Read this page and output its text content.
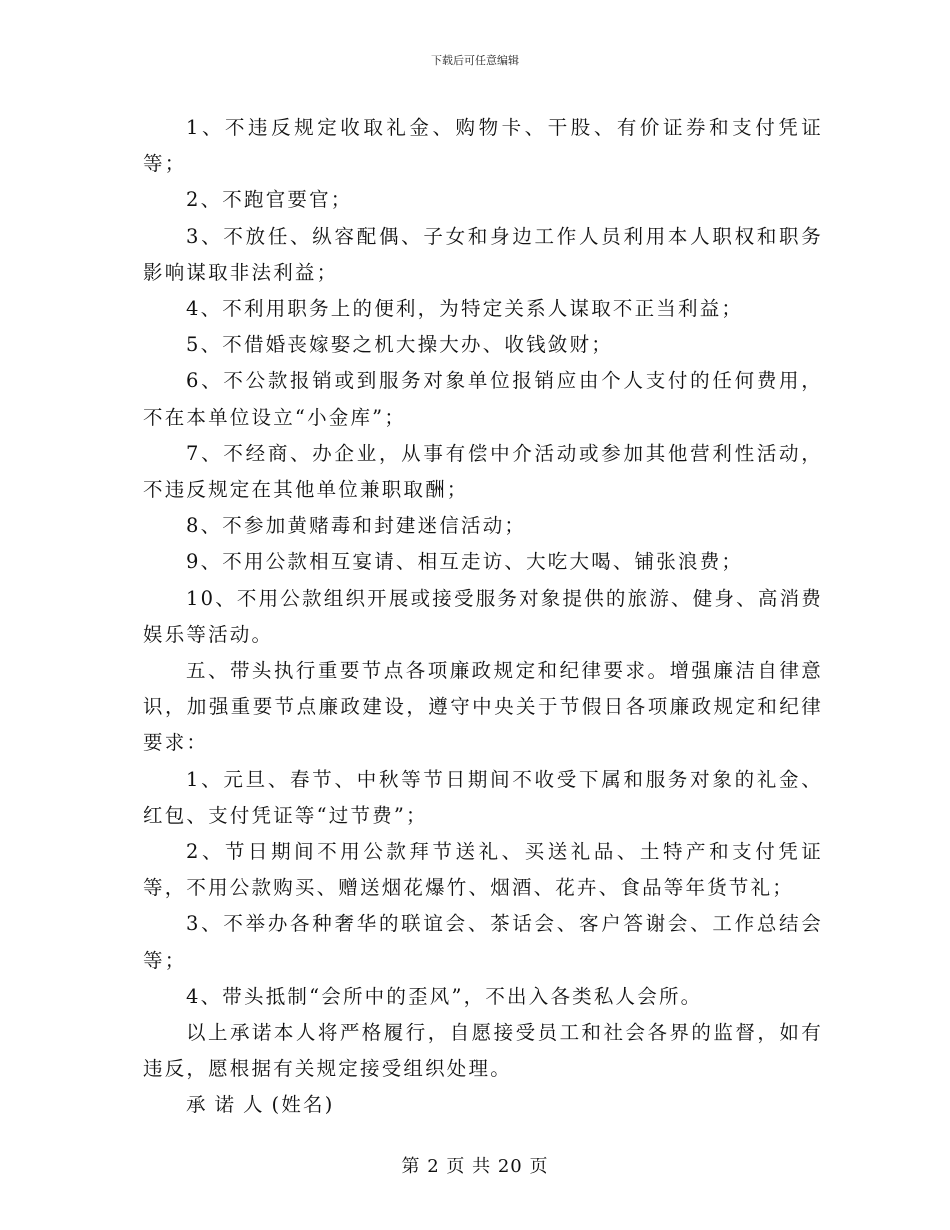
下载后可任意编辑

1、不违反规定收取礼金、购物卡、干股、有价证券和支付凭证等；

2、不跑官要官；

3、不放任、纵容配偶、子女和身边工作人员利用本人职权和职务影响谋取非法利益；

4、不利用职务上的便利，为特定关系人谋取不正当利益；

5、不借婚丧嫁娶之机大操大办、收钱敛财；

6、不公款报销或到服务对象单位报销应由个人支付的任何费用，不在本单位设立“小金库”；

7、不经商、办企业，从事有偿中介活动或参加其他营利性活动，不违反规定在其他单位兼职取酬；

8、不参加黄赌毒和封建迷信活动；

9、不用公款相互宴请、相互走访、大吃大喝、铺张浪费；

10、不用公款组织开展或接受服务对象提供的旅游、健身、高消费娱乐等活动。

五、带头执行重要节点各项廉政规定和纪律要求。增强廉洁自律意识，加强重要节点廉政建设，遵守中央关于节假日各项廉政规定和纪律要求：

1、元旦、春节、中秋等节日期间不收受下属和服务对象的礼金、红包、支付凭证等“过节费”；

2、节日期间不用公款拜节送礼、买送礼品、土特产和支付凭证等，不用公款购买、赠送烟花爆竹、烟酒、花卉、食品等年货节礼；

3、不举办各种奢华的联谊会、茶话会、客户答谢会、工作总结会等；

4、带头抵制“会所中的歪风”，不出入各类私人会所。

以上承诺本人将严格履行，自愿接受员工和社会各界的监督，如有违反，愿根据有关规定接受组织处理。

承诺人(姓名)

第 2 页 共 20 页
